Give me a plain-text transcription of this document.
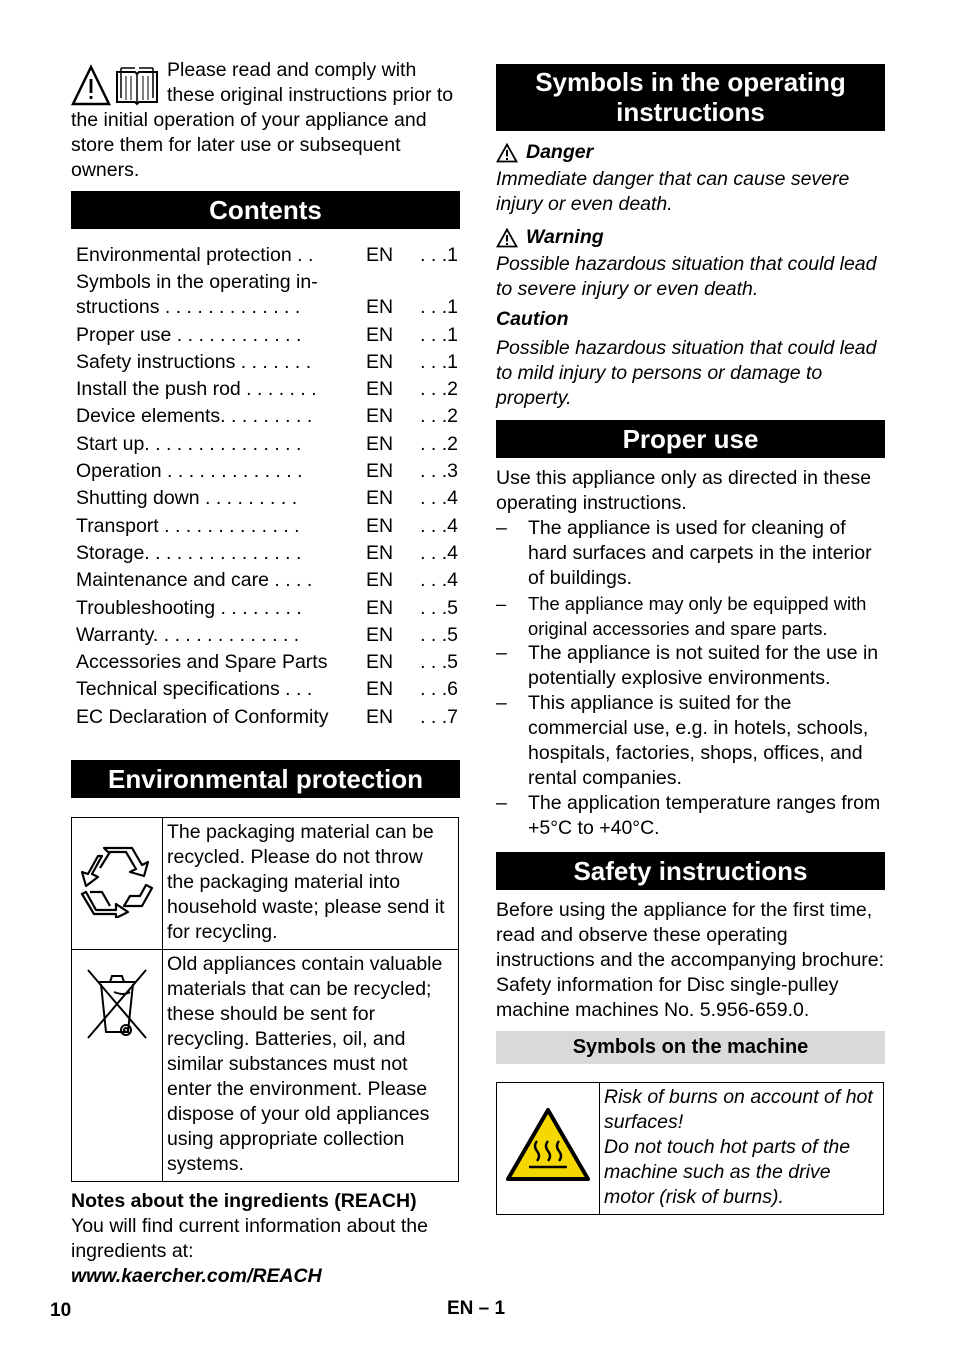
Please read and comply with these original instructions prior to the initial operation of your appliance and store them for later use or subsequent owners.

Contents
Environmental protection . .	EN	. . .1
Symbols in the operating in-structions . . . . . . . . . . . . .	EN	. . .1
Proper use . . . . . . . . . . . .	EN	. . .1
Safety instructions . . . . . . .	EN	. . .1
Install the push rod . . . . . . .	EN	. . .2
Device elements. . . . . . . . .	EN	. . .2
Start up. . . . . . . . . . . . . . .	EN	. . .2
Operation . . . . . . . . . . . . .	EN	. . .3
Shutting down . . . . . . . . .	EN	. . .4
Transport . . . . . . . . . . . . .	EN	. . .4
Storage. . . . . . . . . . . . . . .	EN	. . .4
Maintenance and care . . . .	EN	. . .4
Troubleshooting . . . . . . . .	EN	. . .5
Warranty. . . . . . . . . . . . . .	EN	. . .5
Accessories and Spare Parts	EN	. . .5
Technical specifications . . .	EN	. . .6
EC Declaration of Conformity	EN	. . .7
Environmental protection
	The packaging material can be recycled. Please do not throw the packaging material into household waste; please send it for recycling.
	Old appliances contain valuable materials that can be recycled; these should be sent for recycling. Batteries, oil, and similar substances must not enter the environment. Please dispose of your old appliances using appropriate collection systems.

Notes about the ingredients (REACH)

You will find current information about the ingredients at:

www.kaercher.com/REACH

Symbols in the operating instructions
Danger

Immediate danger that can cause severe injury or even death.

Warning

Possible hazardous situation that could lead to severe injury or even death.

Caution

Possible hazardous situation that could lead to mild injury to persons or damage to property.

Proper use

Use this appliance only as directed in these operating instructions.

– The appliance is used for cleaning of hard surfaces and carpets in the interior of buildings.
– The appliance may only be equipped with original accessories and spare parts.
– The appliance is not suited for the use in potentially explosive environments.
– This appliance is suited for the commercial use, e.g. in hotels, schools, hospitals, factories, shops, offices, and rental companies.
– The application temperature ranges from +5°C to +40°C.
Safety instructions

Before using the appliance for the first time, read and observe these operating instructions and the accompanying brochure: Safety information for Disc single-pulley machine machines No. 5.956-659.0.

Symbols on the machine

Risk of burns on account of hot surfaces!
Do not touch hot parts of the machine such as the drive motor (risk of burns).
10	EN – 1
